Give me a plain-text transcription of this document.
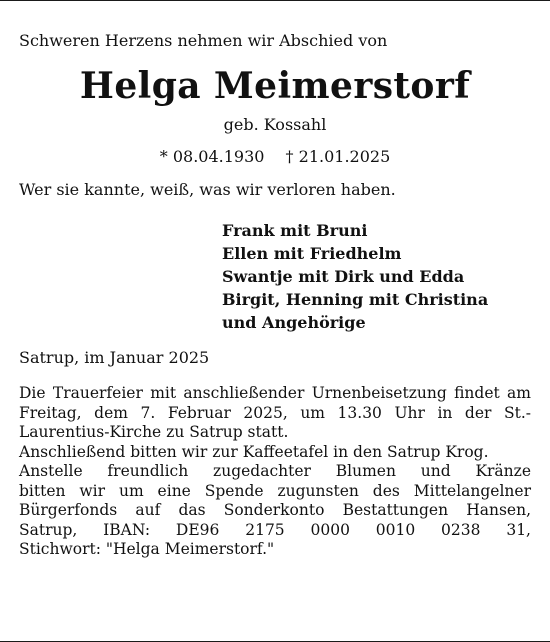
Schweren Herzens nehmen wir Abschied von
Helga Meimerstorf
geb. Kossahl
* 08.04.1930 † 21.01.2025
Wer sie kannte, weiß, was wir verloren haben.
Frank mit Bruni
Ellen mit Friedhelm
Swantje mit Dirk und Edda
Birgit, Henning mit Christina
und Angehörige
Satrup, im Januar 2025
Die Trauerfeier mit anschließender Urnenbeisetzung findet am Freitag, dem 7. Februar 2025, um 13.30 Uhr in der St.-Laurentius-Kirche zu Satrup statt.
Anschließend bitten wir zur Kaffeetafel in den Satrup Krog.
Anstelle freundlich zugedachter Blumen und Kränze
bitten wir um eine Spende zugunsten des Mittelangelner
Bürgerfonds auf das Sonderkonto Bestattungen Hansen,
Satrup, IBAN: DE96 2175 0000 0010 0238 31,
Stichwort: "Helga Meimerstorf."
